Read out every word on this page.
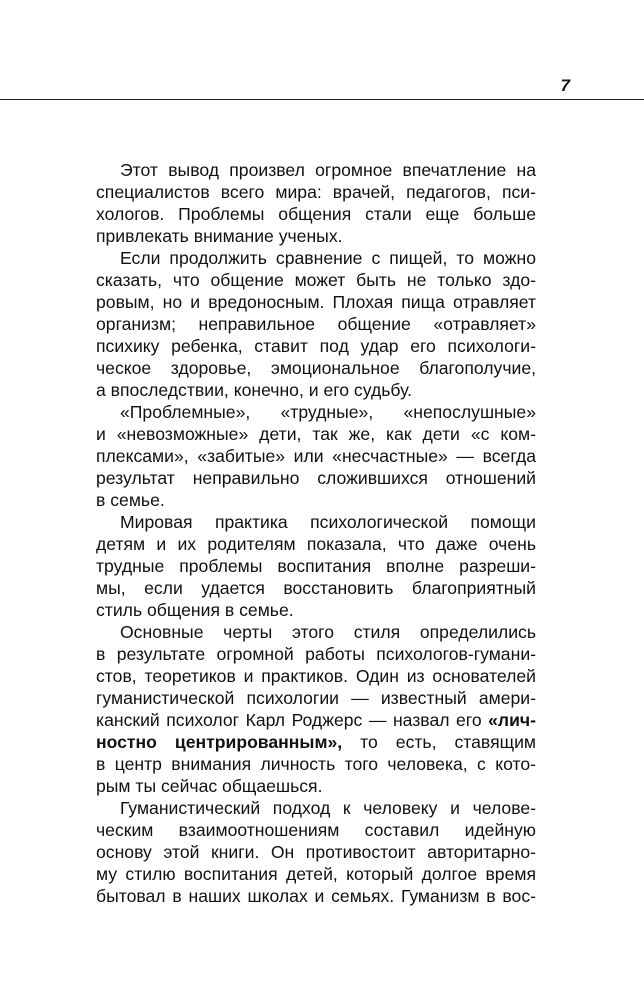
7
Этот вывод произвел огромное впечатление на
специалистов всего мира: врачей, педагогов, пси-
хологов. Проблемы общения стали еще больше
привлекать внимание ученых.
Если продолжить сравнение с пищей, то можно
сказать, что общение может быть не только здо-
ровым, но и вредоносным. Плохая пища отравляет
организм; неправильное общение «отравляет»
психику ребенка, ставит под удар его психологи-
ческое здоровье, эмоциональное благополучие,
а впоследствии, конечно, и его судьбу.
«Проблемные», «трудные», «непослушные»
и «невозможные» дети, так же, как дети «с ком-
плексами», «забитые» или «несчастные» — всегда
результат неправильно сложившихся отношений
в семье.
Мировая практика психологической помощи
детям и их родителям показала, что даже очень
трудные проблемы воспитания вполне разреши-
мы, если удается восстановить благоприятный
стиль общения в семье.
Основные черты этого стиля определились
в результате огромной работы психологов-гумани-
стов, теоретиков и практиков. Один из основателей
гуманистической психологии — известный амери-
канский психолог Карл Роджерс — назвал его «лич-
ностно центрированным», то есть, ставящим
в центр внимания личность того человека, с кото-
рым ты сейчас общаешься.
Гуманистический подход к человеку и челове-
ческим взаимоотношениям составил идейную
основу этой книги. Он противостоит авторитарно-
му стилю воспитания детей, который долгое время
бытовал в наших школах и семьях. Гуманизм в вос-
